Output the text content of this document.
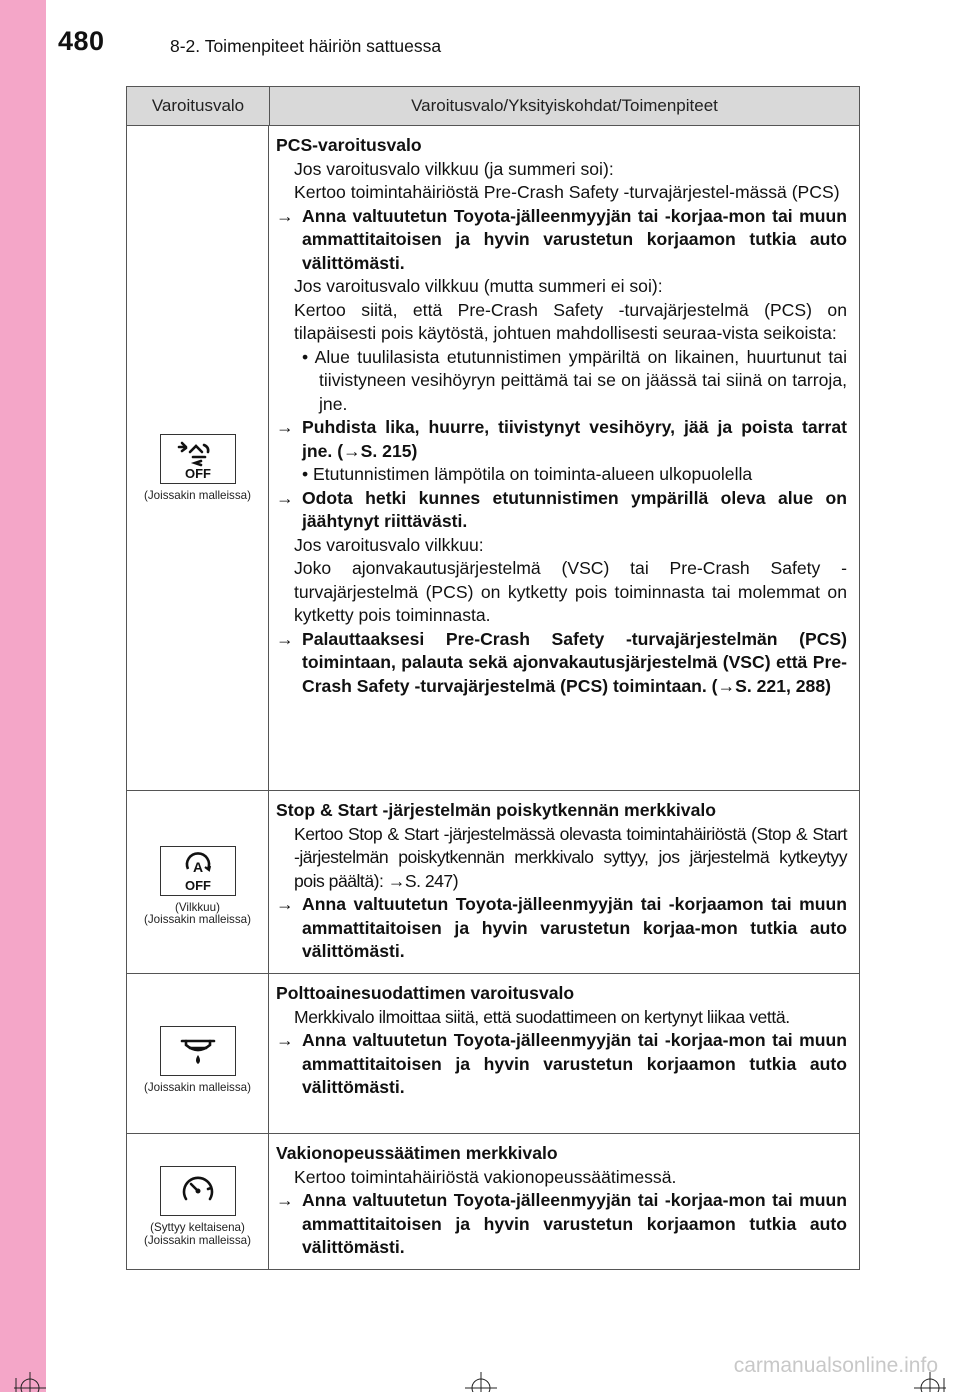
480	8-2. Toimenpiteet häiriön sattuessa
Varoitusvalo	Varoitusvalo/Yksityiskohdat/Toimenpiteet
OFF
(Joissakin malleissa)
PCS-varoitusvalo
Jos varoitusvalo vilkkuu (ja summeri soi):
Kertoo toimintahäiriöstä Pre-Crash Safety -turvajärjestel-mässä (PCS)
→ Anna valtuutetun Toyota-jälleenmyyjän tai -korjaa-mon tai muun ammattitaitoisen ja hyvin varustetun korjaamon tutkia auto välittömästi.
Jos varoitusvalo vilkkuu (mutta summeri ei soi):
Kertoo siitä, että Pre-Crash Safety -turvajärjestelmä (PCS) on tilapäisesti pois käytöstä, johtuen mahdollisesti seuraa-vista seikoista:
• Alue tuulilasista etutunnistimen ympäriltä on likainen, huurtunut tai tiivistyneen vesihöyryn peittämä tai se on jäässä tai siinä on tarroja, jne.
→ Puhdista lika, huurre, tiivistynyt vesihöyry, jää ja poista tarrat jne. (→S. 215)
• Etutunnistimen lämpötila on toiminta-alueen ulkopuolella
→ Odota hetki kunnes etutunnistimen ympärillä oleva alue on jäähtynyt riittävästi.
Jos varoitusvalo vilkkuu:
Joko ajonvakautusjärjestelmä (VSC) tai Pre-Crash Safety -turvajärjestelmä (PCS) on kytketty pois toiminnasta tai molemmat on kytketty pois toiminnasta.
→ Palauttaaksesi Pre-Crash Safety -turvajärjestelmän (PCS) toimintaan, palauta sekä ajonvakautusjärjestelmä (VSC) että Pre-Crash Safety -turvajärjestelmä (PCS) toimintaan. (→S. 221, 288)
A
OFF
(Vilkkuu)
(Joissakin malleissa)
Stop & Start -järjestelmän poiskytkennän merkkivalo
Kertoo Stop & Start -järjestelmässä olevasta toimintahäiriöstä (Stop & Start -järjestelmän poiskytkennän merkkivalo syttyy, jos järjestelmä kytkeytyy pois päältä): →S. 247)
→ Anna valtuutetun Toyota-jälleenmyyjän tai -korjaamon tai muun ammattitaitoisen ja hyvin varustetun korjaa-mon tutkia auto välittömästi.
(Joissakin malleissa)
Polttoainesuodattimen varoitusvalo
Merkkivalo ilmoittaa siitä, että suodattimeen on kertynyt liikaa vettä.
→ Anna valtuutetun Toyota-jälleenmyyjän tai -korjaa-mon tai muun ammattitaitoisen ja hyvin varustetun korjaamon tutkia auto välittömästi.
(Syttyy keltaisena)
(Joissakin malleissa)
Vakionopeussäätimen merkkivalo
Kertoo toimintahäiriöstä vakionopeussäätimessä.
→ Anna valtuutetun Toyota-jälleenmyyjän tai -korjaa-mon tai muun ammattitaitoisen ja hyvin varustetun korjaamon tutkia auto välittömästi.
carmanualsonline.info
